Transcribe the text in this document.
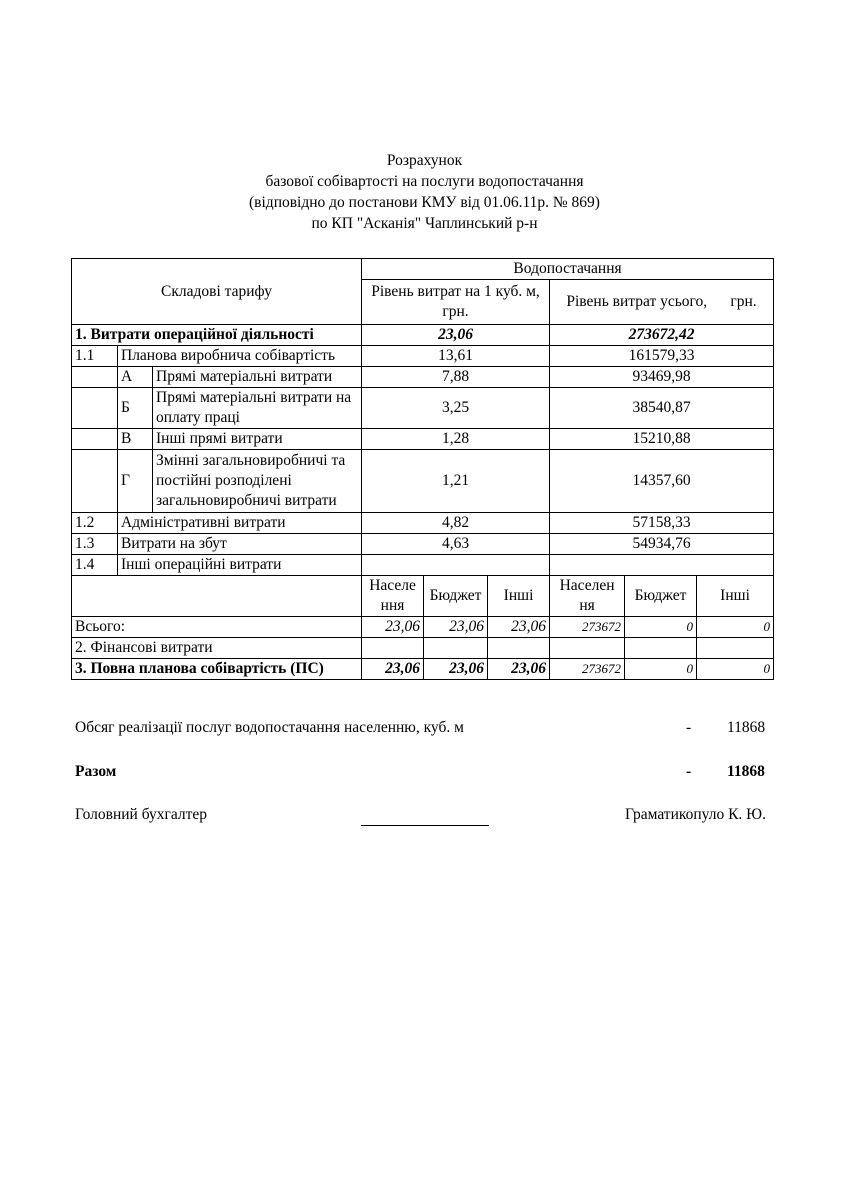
Розрахунок
базової собівартості на послуги водопостачання
(відповідно до постанови КМУ від 01.06.11р. № 869)
по КП "Асканія" Чаплинський р-н
Складові тарифу			Водопостачання					
			Рівень витрат на 1 куб. м, грн.			Рівень витрат усього,      грн.		
1. Витрати операційної діяльності			23,06			273672,42		
1.1	Планова виробнича собівартість		13,61			161579,33		
	А	Прямі матеріальні витрати	7,88			93469,98		
	Б	Прямі матеріальні витрати на оплату праці	3,25			38540,87		
	В	Інші прямі витрати	1,28			15210,88		
	Г	Змінні загальновиробничі та постійні розподілені загальновиробничі витрати	1,21			14357,60		
1.2	Адміністративні витрати		4,82			57158,33		
1.3	Витрати на збут		4,63			54934,76		
1.4	Інші операційні витрати							
			Населе ння	Бюджет	Інші	Населен ня	Бюджет	Інші
Всього:			23,06	23,06	23,06	273672	0	0
2. Фінансові витрати								
3. Повна планова собівартість (ПС)			23,06	23,06	23,06	273672	0	0
Обсяг реалізації послуг водопостачання населенню, куб. м	- 11868
Разом	- 11868
Головний бухгалтер	Граматикопуло К. Ю.
